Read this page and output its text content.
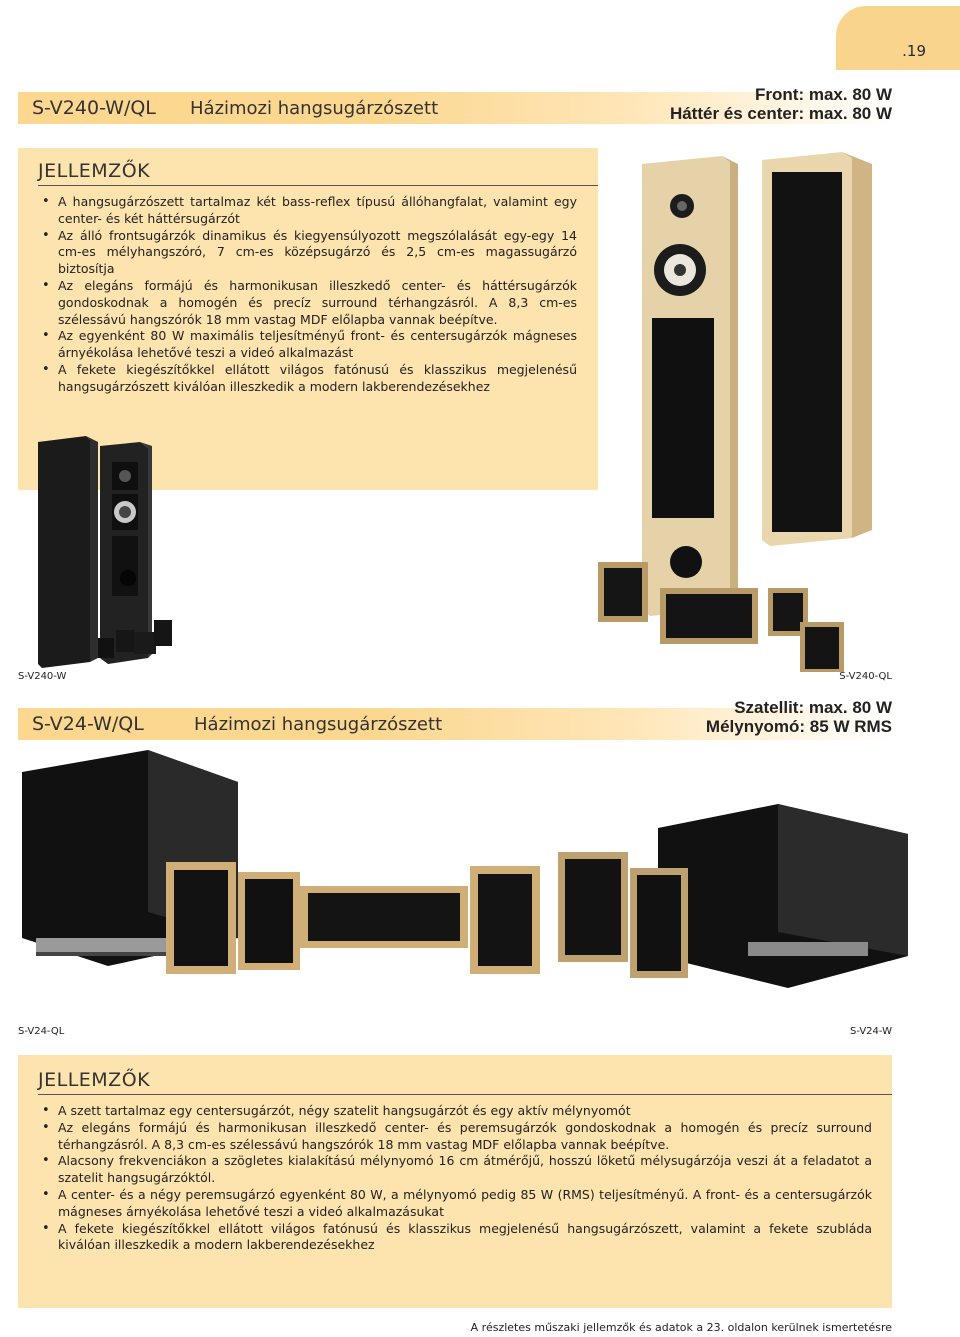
.19
S-V240-W/QL Házimozi hangsugárzószett
Front: max. 80 W
Háttér és center: max. 80 W
JELLEMZŐK
• A hangsugárzószett tartalmaz két bass-reflex típusú állóhangfalat, valamint egy center- és két háttérsugárzót
• Az álló frontsugárzók dinamikus és kiegyensúlyozott megszólalását egy-egy 14 cm-es mélyhangszóró, 7 cm-es középsugárzó és 2,5 cm-es magassugárzó biztosítja
• Az elegáns formájú és harmonikusan illeszkedő center- és háttérsugárzók gondoskodnak a homogén és precíz surround térhangzásról. A 8,3 cm-es szélessávú hangszórók 18 mm vastag MDF előlapba vannak beépítve.
• Az egyenként 80 W maximális teljesítményű front- és centersugárzók mágneses árnyékolása lehetővé teszi a videó alkalmazást
• A fekete kiegészítőkkel ellátott világos fatónusú és klasszikus megjelenésű hangsugárzószett kiválóan illeszkedik a modern lakberendezésekhez
S-V240-W	S-V240-QL
S-V24-W/QL	Házimozi hangsugárzószett
Szatellit: max. 80 W
Mélynyomó: 85 W RMS
S-V24-QL	S-V24-W
JELLEMZŐK
• A szett tartalmaz egy centersugárzót, négy szatelit hangsugárzót és egy aktív mélynyomót
• Az elegáns formájú és harmonikusan illeszkedő center- és peremsugárzók gondoskodnak a homogén és precíz surround térhangzásról. A 8,3 cm-es szélessávú hangszórók 18 mm vastag MDF előlapba vannak beépítve.
• Alacsony frekvenciákon a szögletes kialakítású mélynyomó 16 cm átmérőjű, hosszú löketű mélysugárzója veszi át a feladatot a szatelit hangsugárzóktól.
• A center- és a négy peremsugárzó egyenként 80 W, a mélynyomó pedig 85 W (RMS) teljesítményű. A front- és a centersugárzók mágneses árnyékolása lehetővé teszi a videó alkalmazásukat
• A fekete kiegészítőkkel ellátott világos fatónusú és klasszikus megjelenésű hangsugárzószett, valamint a fekete szubláda kiválóan illeszkedik a modern lakberendezésekhez
A részletes műszaki jellemzők és adatok a 23. oldalon kerülnek ismertetésre
